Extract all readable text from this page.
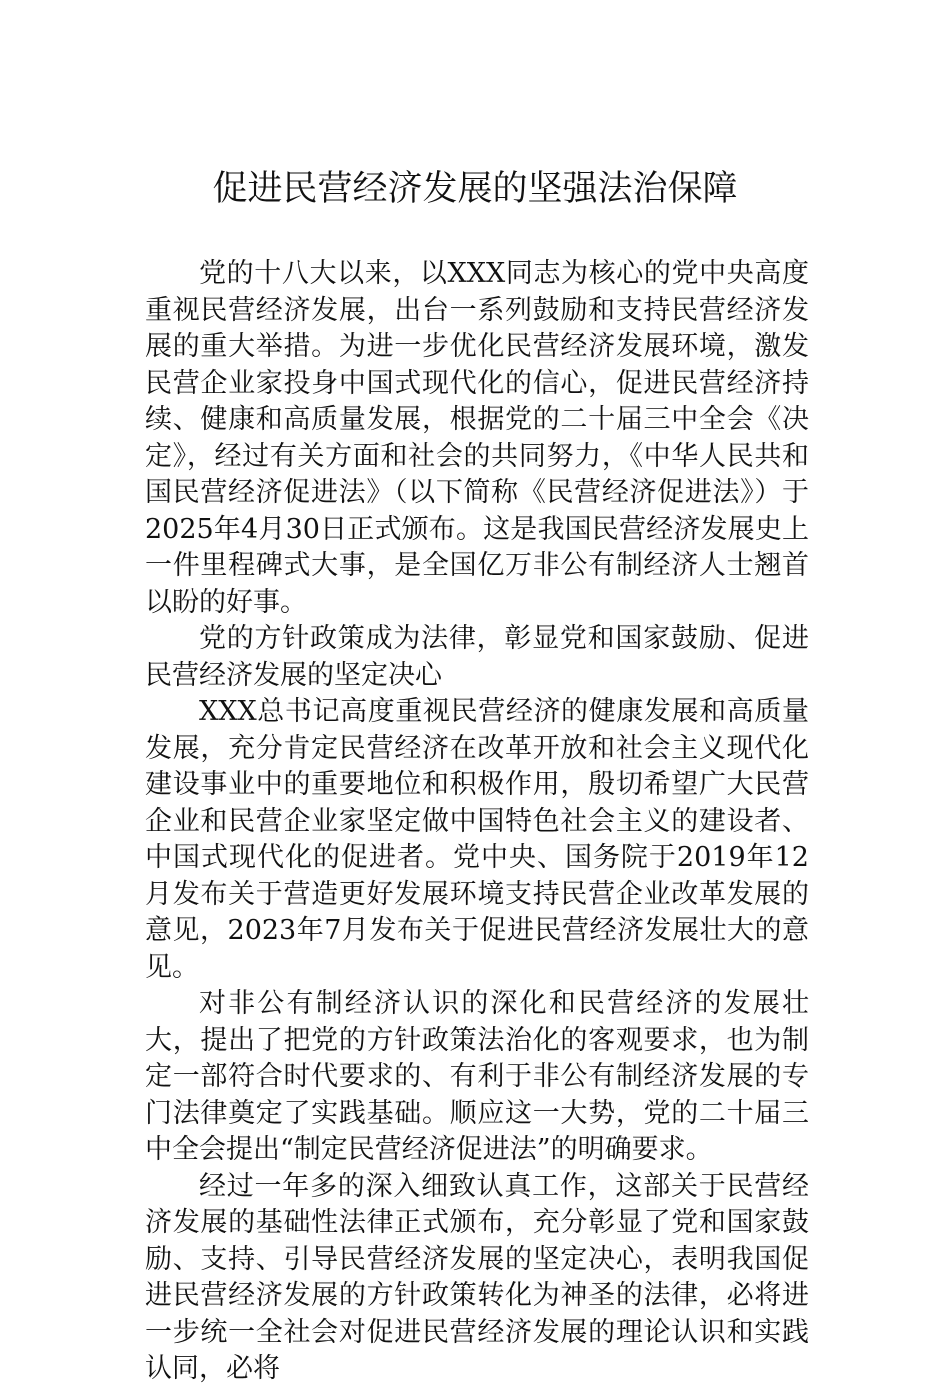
促进民营经济发展的坚强法治保障

党的十八大以来，以XXX同志为核心的党中央高度重视民营经济发展，出台一系列鼓励和支持民营经济发展的重大举措。为进一步优化民营经济发展环境，激发民营企业家投身中国式现代化的信心，促进民营经济持续、健康和高质量发展，根据党的二十届三中全会《决定》，经过有关方面和社会的共同努力，《中华人民共和国民营经济促进法》（以下简称《民营经济促进法》）于2025年4月30日正式颁布。这是我国民营经济发展史上一件里程碑式大事，是全国亿万非公有制经济人士翘首以盼的好事。

党的方针政策成为法律，彰显党和国家鼓励、促进民营经济发展的坚定决心

XXX总书记高度重视民营经济的健康发展和高质量发展，充分肯定民营经济在改革开放和社会主义现代化建设事业中的重要地位和积极作用，殷切希望广大民营企业和民营企业家坚定做中国特色社会主义的建设者、中国式现代化的促进者。党中央、国务院于2019年12月发布关于营造更好发展环境支持民营企业改革发展的意见，2023年7月发布关于促进民营经济发展壮大的意见。

对非公有制经济认识的深化和民营经济的发展壮大，提出了把党的方针政策法治化的客观要求，也为制定一部符合时代要求的、有利于非公有制经济发展的专门法律奠定了实践基础。顺应这一大势，党的二十届三中全会提出“制定民营经济促进法”的明确要求。

经过一年多的深入细致认真工作，这部关于民营经济发展的基础性法律正式颁布，充分彰显了党和国家鼓励、支持、引导民营经济发展的坚定决心，表明我国促进民营经济发展的方针政策转化为神圣的法律，必将进一步统一全社会对促进民营经济发展的理论认识和实践认同，必将
